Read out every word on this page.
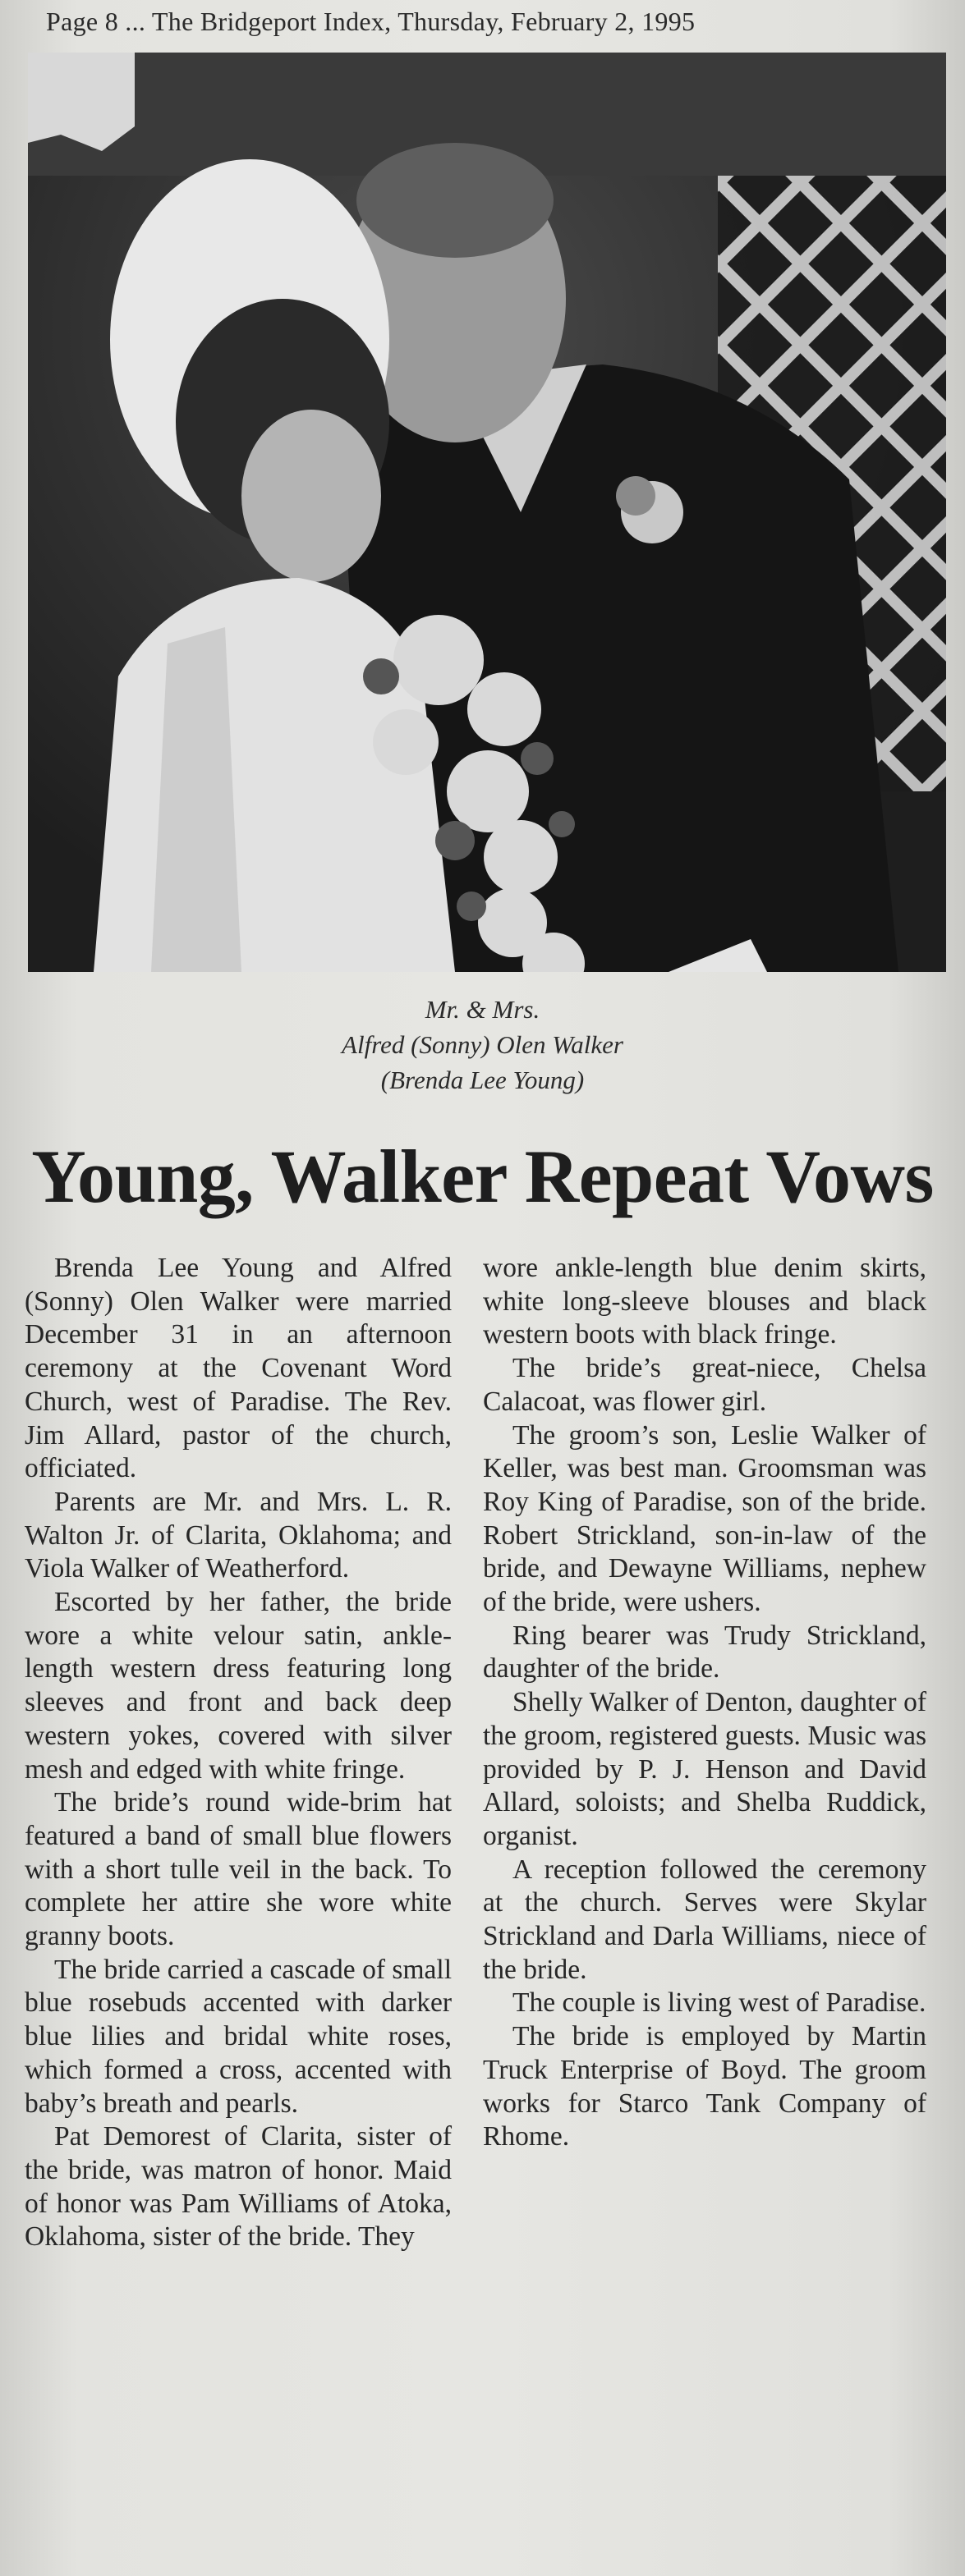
Page 8 ... The Bridgeport Index, Thursday, February 2, 1995
Mr. & Mrs.
Alfred (Sonny) Olen Walker
(Brenda Lee Young)
Young, Walker Repeat Vows

Brenda Lee Young and Alfred (Sonny) Olen Walker were married December 31 in an afternoon ceremony at the Covenant Word Church, west of Paradise. The Rev. Jim Allard, pastor of the church, officiated.

Parents are Mr. and Mrs. L. R. Walton Jr. of Clarita, Oklahoma; and Viola Walker of Weatherford.

Escorted by her father, the bride wore a white velour satin, ankle-length western dress featuring long sleeves and front and back deep western yokes, covered with silver mesh and edged with white fringe.

The bride’s round wide-brim hat featured a band of small blue flowers with a short tulle veil in the back. To complete her attire she wore white granny boots.

The bride carried a cascade of small blue rosebuds accented with darker blue lilies and bridal white roses, which formed a cross, accented with baby’s breath and pearls.

Pat Demorest of Clarita, sister of the bride, was matron of honor. Maid of honor was Pam Williams of Atoka, Oklahoma, sister of the bride. They

wore ankle-length blue denim skirts, white long-sleeve blouses and black western boots with black fringe.

The bride’s great-niece, Chelsa Calacoat, was flower girl.

The groom’s son, Leslie Walker of Keller, was best man. Groomsman was Roy King of Paradise, son of the bride. Robert Strickland, son-in-law of the bride, and Dewayne Williams, nephew of the bride, were ushers.

Ring bearer was Trudy Strickland, daughter of the bride.

Shelly Walker of Denton, daughter of the groom, registered guests. Music was provided by P. J. Henson and David Allard, soloists; and Shelba Ruddick, organist.

A reception followed the ceremony at the church. Serves were Skylar Strickland and Darla Williams, niece of the bride.

The couple is living west of Paradise.

The bride is employed by Martin Truck Enterprise of Boyd. The groom works for Starco Tank Company of Rhome.
